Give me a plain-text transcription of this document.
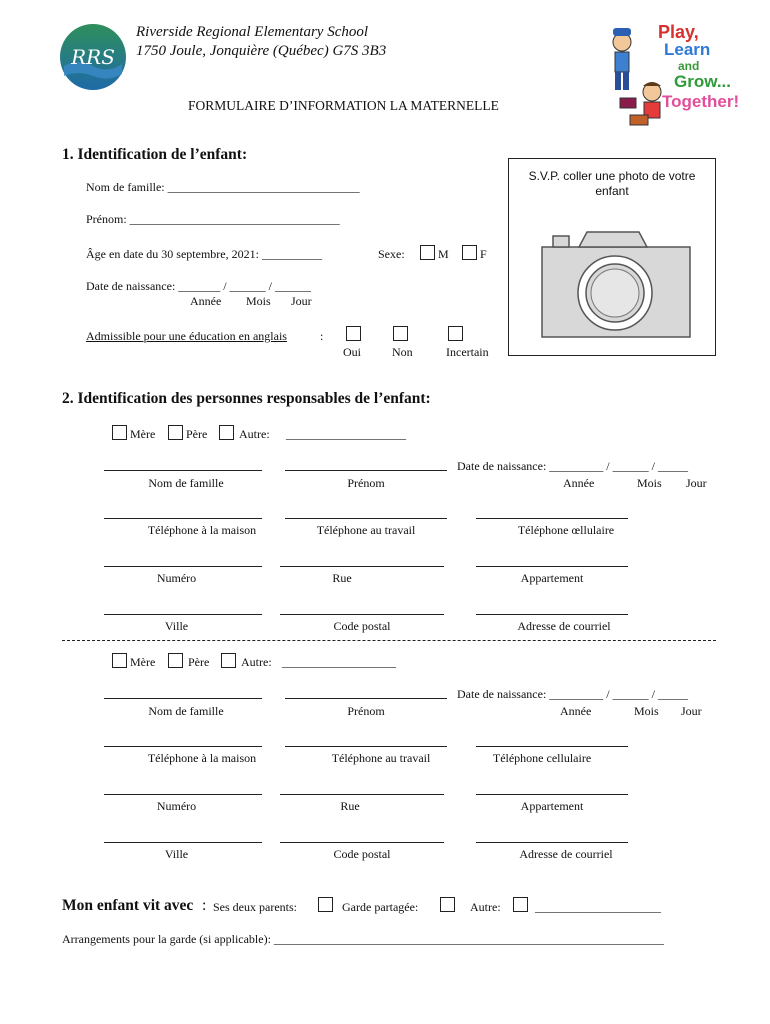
RRS
Riverside Regional Elementary School
1750 Joule, Jonquière (Québec) G7S 3B3
Play,
Learn
and
Grow...
Together!
FORMULAIRE D’INFORMATION LA MATERNELLE
1. Identification de l’enfant:
Nom de famille: ________________________________
Prénom: ___________________________________
Âge en date du 30 septembre, 2021: __________	Sexe:	M	F
Date de naissance: _______ / ______ / ______
Année Mois Jour
Admissible pour une éducation en anglais	:
Oui	Non	Incertain
S.V.P. coller une photo de votre enfant
2. Identification des personnes responsables de l’enfant:
Mère	Père	Autre: ____________________
Date de naissance: _________ / ______ / _____
Nom de famille	Prénom	Année	Mois Jour
Téléphone à la maison	Téléphone au travail	Téléphone œllulaire
Numéro	Rue	Appartement
Ville	Code postal	Adresse de courriel
Mère	Père	Autre: ___________________
Date de naissance: _________ / ______ / _____
Nom de famille	Prénom	Année	Mois Jour
Téléphone à la maison	Téléphone au travail	Téléphone cellulaire
Numéro	Rue	Appartement
Ville	Code postal	Adresse de courriel
Mon enfant vit avec : Ses deux parents:	Garde partagée:	Autre:	_____________________
Arrangements pour la garde (si applicable): _________________________________________________________________
